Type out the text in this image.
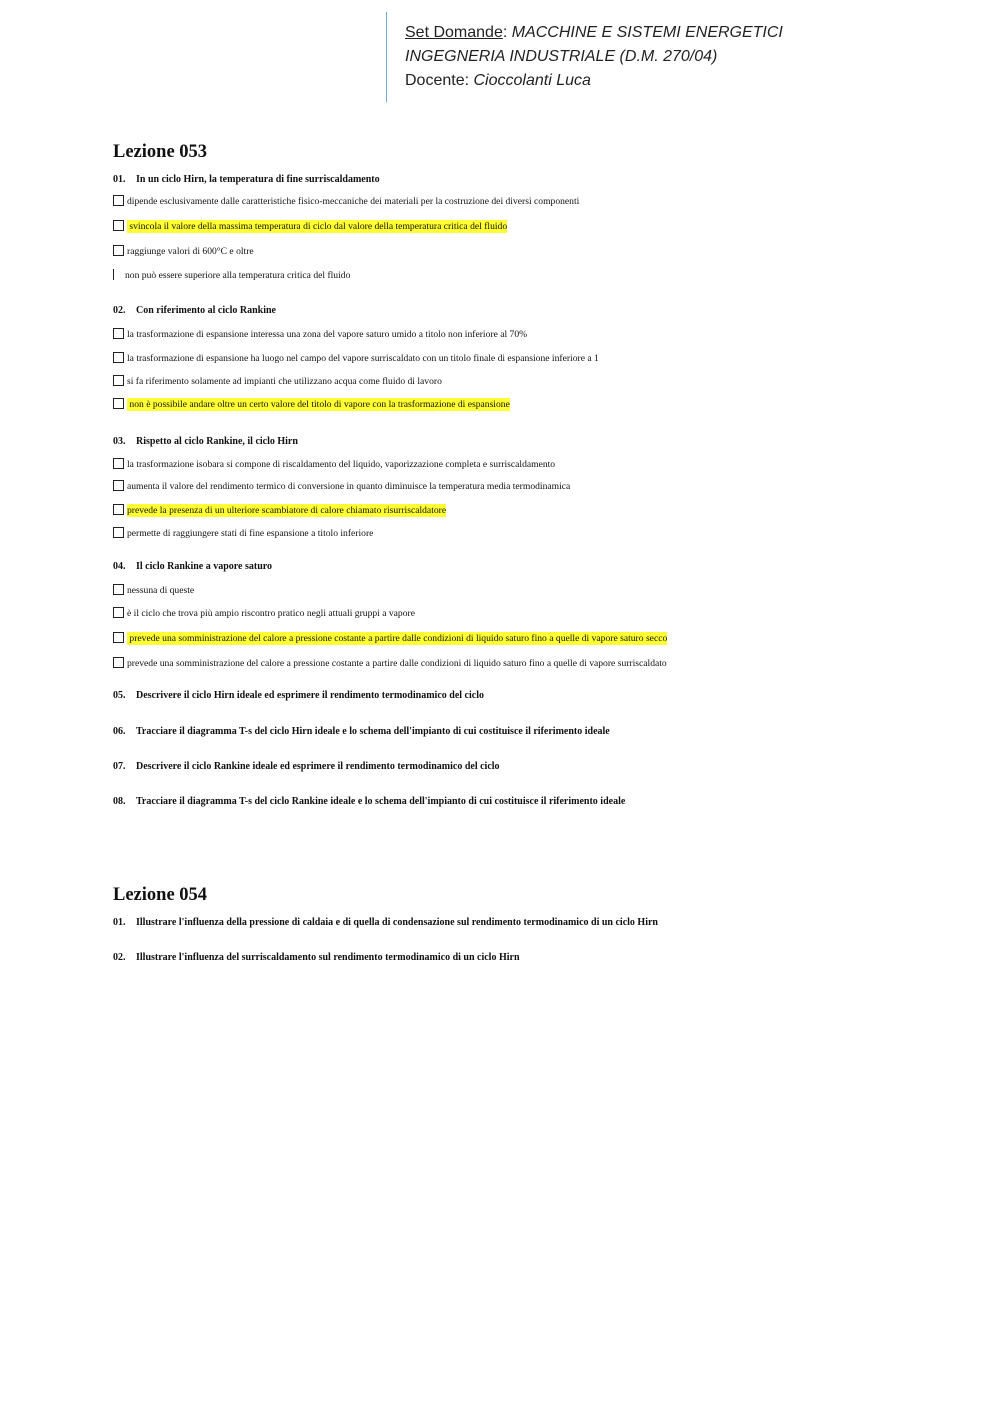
Set Domande: MACCHINE E SISTEMI ENERGETICI
INGEGNERIA INDUSTRIALE (D.M. 270/04)
Docente: Cioccolanti Luca
Lezione 053
01. In un ciclo Hirn, la temperatura di fine surriscaldamento
dipende esclusivamente dalle caratteristiche fisico-meccaniche dei materiali per la costruzione dei diversi componenti
svincola il valore della massima temperatura di ciclo dal valore della temperatura critica del fluido
raggiunge valori di 600°C e oltre
non può essere superiore alla temperatura critica del fluido
02. Con riferimento al ciclo Rankine
la trasformazione di espansione interessa una zona del vapore saturo umido a titolo non inferiore al 70%
la trasformazione di espansione ha luogo nel campo del vapore surriscaldato con un titolo finale di espansione inferiore a 1
si fa riferimento solamente ad impianti che utilizzano acqua come fluido di lavoro
non è possibile andare oltre un certo valore del titolo di vapore con la trasformazione di espansione
03. Rispetto al ciclo Rankine, il ciclo Hirn
la trasformazione isobara si compone di riscaldamento del liquido, vaporizzazione completa e surriscaldamento
aumenta il valore del rendimento termico di conversione in quanto diminuisce la temperatura media termodinamica
prevede la presenza di un ulteriore scambiatore di calore chiamato risurriscaldatore
permette di raggiungere stati di fine espansione a titolo inferiore
04. Il ciclo Rankine a vapore saturo
nessuna di queste
è il ciclo che trova più ampio riscontro pratico negli attuali gruppi a vapore
prevede una somministrazione del calore a pressione costante a partire dalle condizioni di liquido saturo fino a quelle di vapore saturo secco
prevede una somministrazione del calore a pressione costante a partire dalle condizioni di liquido saturo fino a quelle di vapore surriscaldato
05. Descrivere il ciclo Hirn ideale ed esprimere il rendimento termodinamico del ciclo
06. Tracciare il diagramma T-s del ciclo Hirn ideale e lo schema dell'impianto di cui costituisce il riferimento ideale
07. Descrivere il ciclo Rankine ideale ed esprimere il rendimento termodinamico del ciclo
08. Tracciare il diagramma T-s del ciclo Rankine ideale e lo schema dell'impianto di cui costituisce il riferimento ideale
Lezione 054
01. Illustrare l'influenza della pressione di caldaia e di quella di condensazione sul rendimento termodinamico di un ciclo Hirn
02. Illustrare l'influenza del surriscaldamento sul rendimento termodinamico di un ciclo Hirn
